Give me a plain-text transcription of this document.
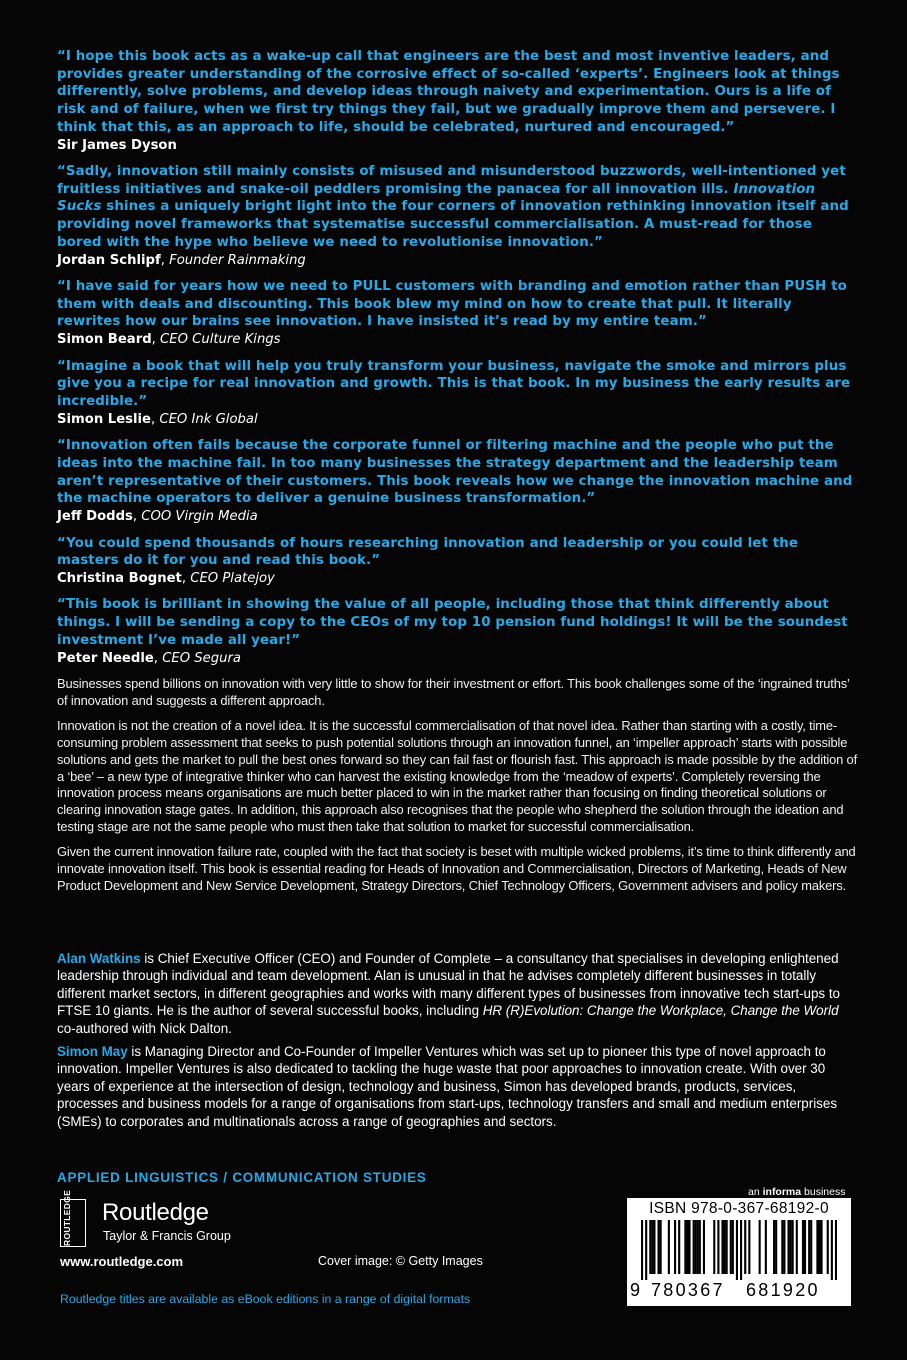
“I hope this book acts as a wake-up call that engineers are the best and most inventive leaders, and provides greater understanding of the corrosive effect of so-called ‘experts’. Engineers look at things differently, solve problems, and develop ideas through naivety and experimentation. Ours is a life of risk and of failure, when we first try things they fail, but we gradually improve them and persevere. I think that this, as an approach to life, should be celebrated, nurtured and encouraged.”

Sir James Dyson

“Sadly, innovation still mainly consists of misused and misunderstood buzzwords, well-intentioned yet fruitless initiatives and snake-oil peddlers promising the panacea for all innovation ills. Innovation Sucks shines a uniquely bright light into the four corners of innovation rethinking innovation itself and providing novel frameworks that systematise successful commercialisation. A must-read for those bored with the hype who believe we need to revolutionise innovation.”

Jordan Schlipf, Founder Rainmaking

“I have said for years how we need to PULL customers with branding and emotion rather than PUSH to them with deals and discounting. This book blew my mind on how to create that pull. It literally rewrites how our brains see innovation. I have insisted it’s read by my entire team.”

Simon Beard, CEO Culture Kings

“Imagine a book that will help you truly transform your business, navigate the smoke and mirrors plus give you a recipe for real innovation and growth. This is that book. In my business the early results are incredible.”

Simon Leslie, CEO Ink Global

“Innovation often fails because the corporate funnel or filtering machine and the people who put the ideas into the machine fail. In too many businesses the strategy department and the leadership team aren’t representative of their customers. This book reveals how we change the innovation machine and the machine operators to deliver a genuine business transformation.”

Jeff Dodds, COO Virgin Media

“You could spend thousands of hours researching innovation and leadership or you could let the masters do it for you and read this book.”

Christina Bognet, CEO Platejoy

“This book is brilliant in showing the value of all people, including those that think differently about things. I will be sending a copy to the CEOs of my top 10 pension fund holdings! It will be the soundest investment I’ve made all year!”

Peter Needle, CEO Segura

Businesses spend billions on innovation with very little to show for their investment or effort. This book challenges some of the ‘ingrained truths’ of innovation and suggests a different approach.

Innovation is not the creation of a novel idea. It is the successful commercialisation of that novel idea. Rather than starting with a costly, time-consuming problem assessment that seeks to push potential solutions through an innovation funnel, an ‘impeller approach’ starts with possible solutions and gets the market to pull the best ones forward so they can fail fast or flourish fast. This approach is made possible by the addition of a ‘bee’ – a new type of integrative thinker who can harvest the existing knowledge from the ‘meadow of experts’. Completely reversing the innovation process means organisations are much better placed to win in the market rather than focusing on finding theoretical solutions or clearing innovation stage gates. In addition, this approach also recognises that the people who shepherd the solution through the ideation and testing stage are not the same people who must then take that solution to market for successful commercialisation.

Given the current innovation failure rate, coupled with the fact that society is beset with multiple wicked problems, it’s time to think differently and innovate innovation itself. This book is essential reading for Heads of Innovation and Commercialisation, Directors of Marketing, Heads of New Product Development and New Service Development, Strategy Directors, Chief Technology Officers, Government advisers and policy makers.

Alan Watkins is Chief Executive Officer (CEO) and Founder of Complete – a consultancy that specialises in developing enlightened leadership through individual and team development. Alan is unusual in that he advises completely different businesses in totally different market sectors, in different geographies and works with many different types of businesses from innovative tech start-ups to FTSE 10 giants. He is the author of several successful books, including HR (R)Evolution: Change the Workplace, Change the World co-authored with Nick Dalton.

Simon May is Managing Director and Co-Founder of Impeller Ventures which was set up to pioneer this type of novel approach to innovation. Impeller Ventures is also dedicated to tackling the huge waste that poor approaches to innovation create. With over 30 years of experience at the intersection of design, technology and business, Simon has developed brands, products, services, processes and business models for a range of organisations from start-ups, technology transfers and small and medium enterprises (SMEs) to corporates and multinationals across a range of geographies and sectors.

APPLIED LINGUISTICS / COMMUNICATION STUDIES
ROUTLEDGE Routledge
Taylor & Francis Group
www.routledge.com	Cover image: © Getty Images
Routledge titles are available as eBook editions in a range of digital formats
an informa business
ISBN 978-0-367-68192-0
9 780367 681920
